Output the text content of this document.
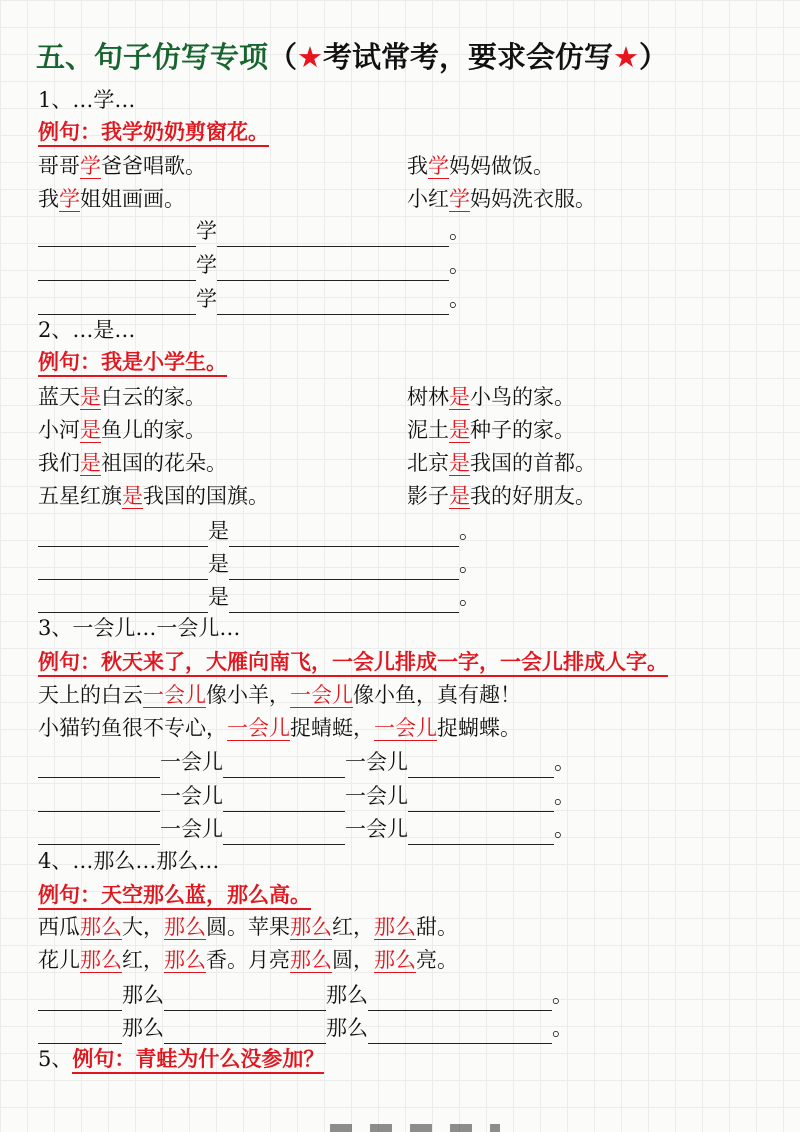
五、句子仿写专项（★考试常考，要求会仿写★）
1、…学…
例句：我学奶奶剪窗花。
哥哥学爸爸唱歌。	我学妈妈做饭。
我学姐姐画画。	小红学妈妈洗衣服。
学	。
学	。
学	。
2、…是…
例句：我是小学生。
蓝天是白云的家。	树林是小鸟的家。
小河是鱼儿的家。	泥土是种子的家。
我们是祖国的花朵。	北京是我国的首都。
五星红旗是我国的国旗。	影子是我的好朋友。
是	。
是	。
是	。
3、一会儿…一会儿…
例句：秋天来了，大雁向南飞，一会儿排成一字，一会儿排成人字。
天上的白云一会儿像小羊，一会儿像小鱼，真有趣！
小猫钓鱼很不专心，一会儿捉蜻蜓，一会儿捉蝴蝶。
一会儿	一会儿	。
一会儿	一会儿	。
一会儿	一会儿	。
4、…那么…那么…
例句：天空那么蓝，那么高。
西瓜那么大，那么圆。苹果那么红，那么甜。
花儿那么红，那么香。月亮那么圆，那么亮。
那么	那么	。
那么	那么	。
5、例句：青蛙为什么没参加？
